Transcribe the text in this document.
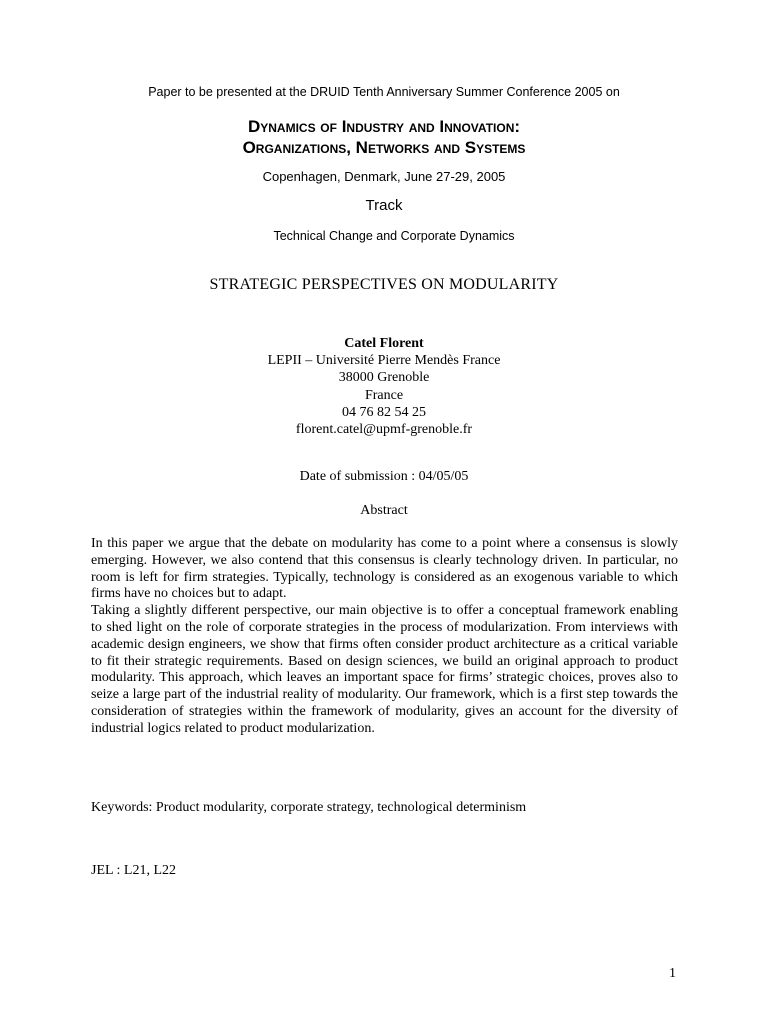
Paper to be presented at the DRUID Tenth Anniversary Summer Conference 2005 on
Dynamics of Industry and Innovation:
Organizations, Networks and Systems
Copenhagen, Denmark, June 27-29, 2005
Track
Technical Change and Corporate Dynamics
STRATEGIC PERSPECTIVES ON MODULARITY
Catel Florent
LEPII – Université Pierre Mendès France
38000 Grenoble
France
04 76 82 54 25
florent.catel@upmf-grenoble.fr
Date of submission : 04/05/05
Abstract

In this paper we argue that the debate on modularity has come to a point where a consensus is slowly emerging. However, we also contend that this consensus is clearly technology driven. In particular, no room is left for firm strategies. Typically, technology is considered as an exogenous variable to which firms have no choices but to adapt.

Taking a slightly different perspective, our main objective is to offer a conceptual framework enabling to shed light on the role of corporate strategies in the process of modularization. From interviews with academic design engineers, we show that firms often consider product architecture as a critical variable to fit their strategic requirements. Based on design sciences, we build an original approach to product modularity. This approach, which leaves an important space for firms’ strategic choices, proves also to seize a large part of the industrial reality of modularity. Our framework, which is a first step towards the consideration of strategies within the framework of modularity, gives an account for the diversity of industrial logics related to product modularization.

Keywords: Product modularity, corporate strategy, technological determinism
JEL : L21, L22
1
